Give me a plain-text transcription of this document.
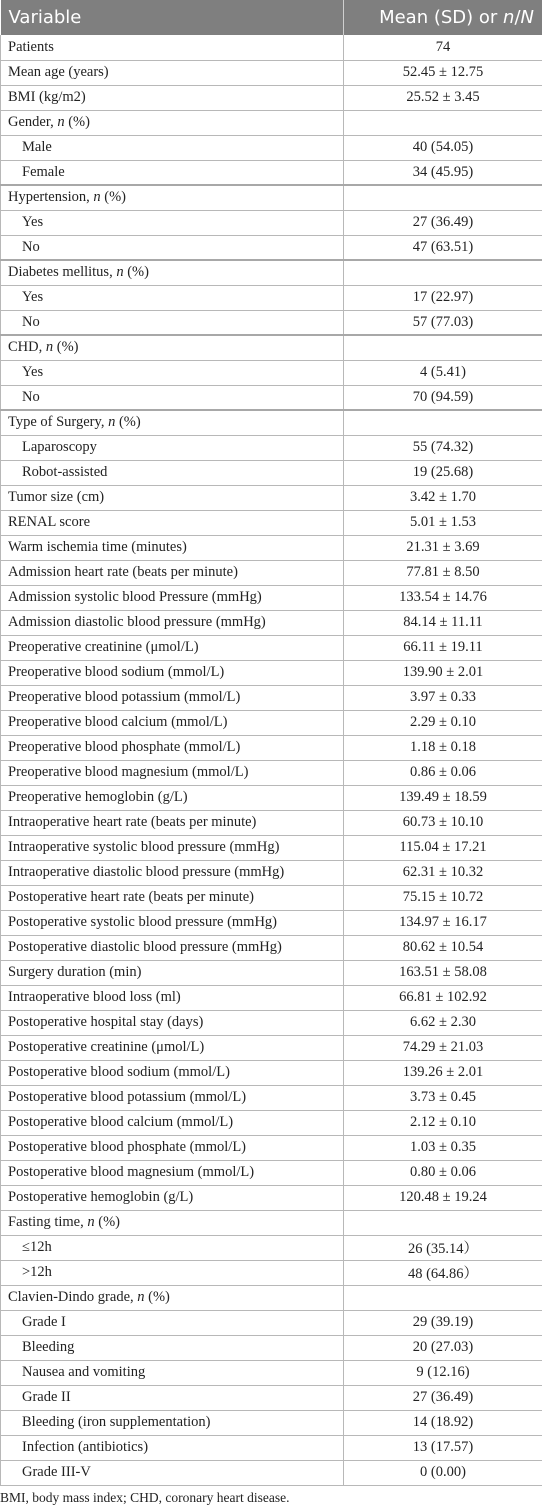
Variable	Mean (SD) or n/N
Patients	74
Mean age (years)	52.45 ± 12.75
BMI (kg/m2)	25.52 ± 3.45
Gender, n (%)	
Male	40 (54.05)
Female	34 (45.95)
Hypertension, n (%)	
Yes	27 (36.49)
No	47 (63.51)
Diabetes mellitus, n (%)	
Yes	17 (22.97)
No	57 (77.03)
CHD, n (%)	
Yes	4 (5.41)
No	70 (94.59)
Type of Surgery, n (%)	
Laparoscopy	55 (74.32)
Robot-assisted	19 (25.68)
Tumor size (cm)	3.42 ± 1.70
RENAL score	5.01 ± 1.53
Warm ischemia time (minutes)	21.31 ± 3.69
Admission heart rate (beats per minute)	77.81 ± 8.50
Admission systolic blood Pressure (mmHg)	133.54 ± 14.76
Admission diastolic blood pressure (mmHg)	84.14 ± 11.11
Preoperative creatinine (μmol/L)	66.11 ± 19.11
Preoperative blood sodium (mmol/L)	139.90 ± 2.01
Preoperative blood potassium (mmol/L)	3.97 ± 0.33
Preoperative blood calcium (mmol/L)	2.29 ± 0.10
Preoperative blood phosphate (mmol/L)	1.18 ± 0.18
Preoperative blood magnesium (mmol/L)	0.86 ± 0.06
Preoperative hemoglobin (g/L)	139.49 ± 18.59
Intraoperative heart rate (beats per minute)	60.73 ± 10.10
Intraoperative systolic blood pressure (mmHg)	115.04 ± 17.21
Intraoperative diastolic blood pressure (mmHg)	62.31 ± 10.32
Postoperative heart rate (beats per minute)	75.15 ± 10.72
Postoperative systolic blood pressure (mmHg)	134.97 ± 16.17
Postoperative diastolic blood pressure (mmHg)	80.62 ± 10.54
Surgery duration (min)	163.51 ± 58.08
Intraoperative blood loss (ml)	66.81 ± 102.92
Postoperative hospital stay (days)	6.62 ± 2.30
Postoperative creatinine (μmol/L)	74.29 ± 21.03
Postoperative blood sodium (mmol/L)	139.26 ± 2.01
Postoperative blood potassium (mmol/L)	3.73 ± 0.45
Postoperative blood calcium (mmol/L)	2.12 ± 0.10
Postoperative blood phosphate (mmol/L)	1.03 ± 0.35
Postoperative blood magnesium (mmol/L)	0.80 ± 0.06
Postoperative hemoglobin (g/L)	120.48 ± 19.24
Fasting time, n (%)	
≤12h	26 (35.14）
>12h	48 (64.86）
Clavien-Dindo grade, n (%)	
Grade I	29 (39.19)
Bleeding	20 (27.03)
Nausea and vomiting	9 (12.16)
Grade II	27 (36.49)
Bleeding (iron supplementation)	14 (18.92)
Infection (antibiotics)	13 (17.57)
Grade III-V	0 (0.00)
BMI, body mass index; CHD, coronary heart disease.
